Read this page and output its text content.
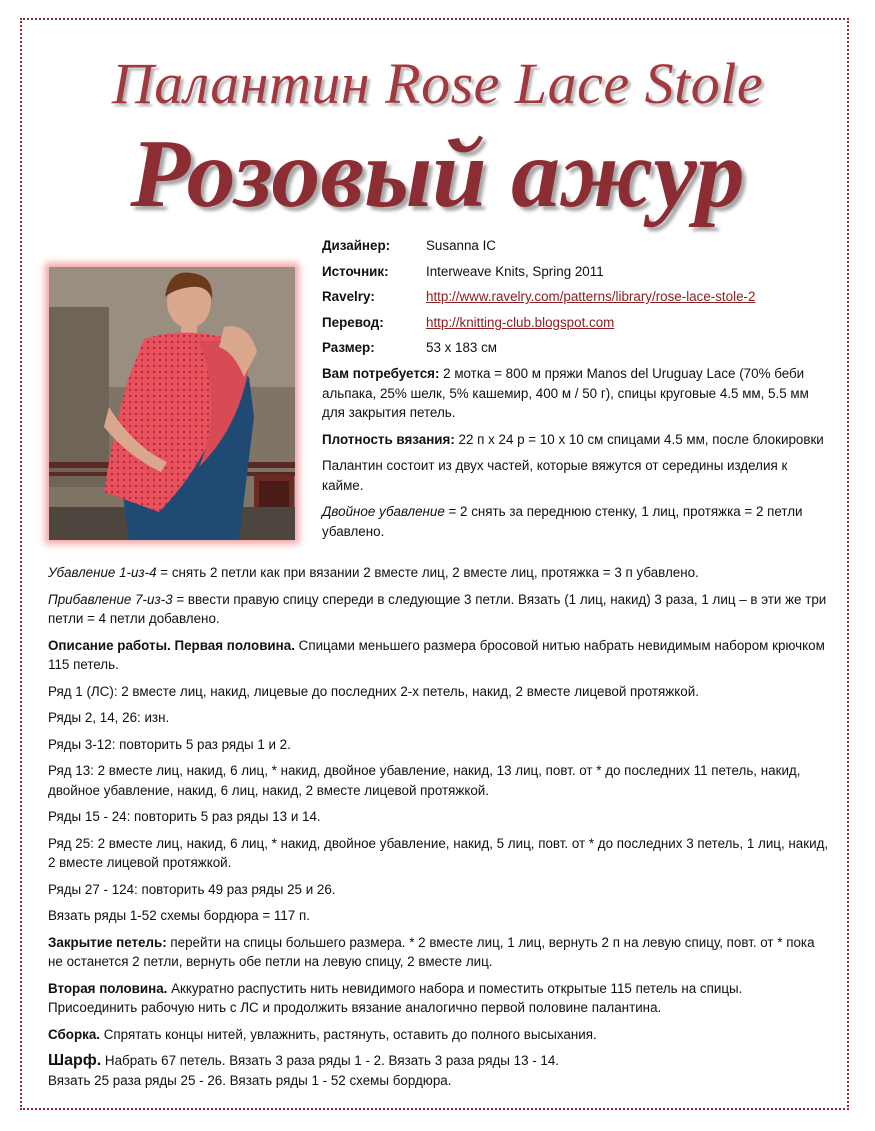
Палантин Rose Lace Stole
Розовый ажур
Дизайнер:	Susanna IC
Источник:	Interweave Knits, Spring 2011
Ravelry:	http://www.ravelry.com/patterns/library/rose-lace-stole-2
Перевод:	http://knitting-club.blogspot.com
Размер:	53 х 183 см

Вам потребуется: 2 мотка = 800 м пряжи Manos del Uruguay Lace (70% беби альпака, 25% шелк, 5% кашемир, 400 м / 50 г), спицы круговые 4.5 мм, 5.5 мм для закрытия петель.

Плотность вязания: 22 п х 24 р = 10 х 10 см спицами 4.5 мм, после блокировки

Палантин состоит из двух частей, которые вяжутся от середины изделия к кайме.

Двойное убавление = 2 снять за переднюю стенку, 1 лиц, протяжка = 2 петли убавлено.

Убавление 1-из-4 = снять 2 петли как при вязании 2 вместе лиц, 2 вместе лиц, протяжка = 3 п убавлено.

Прибавление 7-из-3 = ввести правую спицу спереди в следующие 3 петли. Вязать (1 лиц, накид) 3 раза, 1 лиц – в эти же три петли = 4 петли добавлено.

Описание работы. Первая половина. Спицами меньшего размера бросовой нитью набрать невидимым набором крючком 115 петель.

Ряд 1 (ЛС): 2 вместе лиц, накид, лицевые до последних 2-х петель, накид, 2 вместе лицевой протяжкой.

Ряды 2, 14, 26: изн.

Ряды 3-12: повторить 5 раз ряды 1 и 2.

Ряд 13: 2 вместе лиц, накид, 6 лиц, * накид, двойное убавление, накид, 13 лиц, повт. от * до последних 11 петель, накид, двойное убавление, накид, 6 лиц, накид, 2 вместе лицевой протяжкой.

Ряды 15 - 24: повторить 5 раз ряды 13 и 14.

Ряд 25: 2 вместе лиц, накид, 6 лиц, * накид, двойное убавление, накид, 5 лиц, повт. от * до последних 3 петель, 1 лиц, накид, 2 вместе лицевой протяжкой.

Ряды 27 - 124: повторить 49 раз ряды 25 и 26.

Вязать ряды 1-52 схемы бордюра = 117 п.

Закрытие петель: перейти на спицы большего размера. * 2 вместе лиц, 1 лиц, вернуть 2 п на левую спицу, повт. от * пока не останется 2 петли, вернуть обе петли на левую спицу, 2 вместе лиц.

Вторая половина. Аккуратно распустить нить невидимого набора и поместить открытые 115 петель на спицы. Присоединить рабочую нить с ЛС и продолжить вязание аналогично первой половине палантина.

Сборка. Спрятать концы нитей, увлажнить, растянуть, оставить до полного высыхания.

Шарф. Набрать 67 петель. Вязать 3 раза ряды 1 - 2. Вязать 3 раза ряды 13 - 14.
Вязать 25 раза ряды 25 - 26. Вязать ряды 1 - 52 схемы бордюра.
